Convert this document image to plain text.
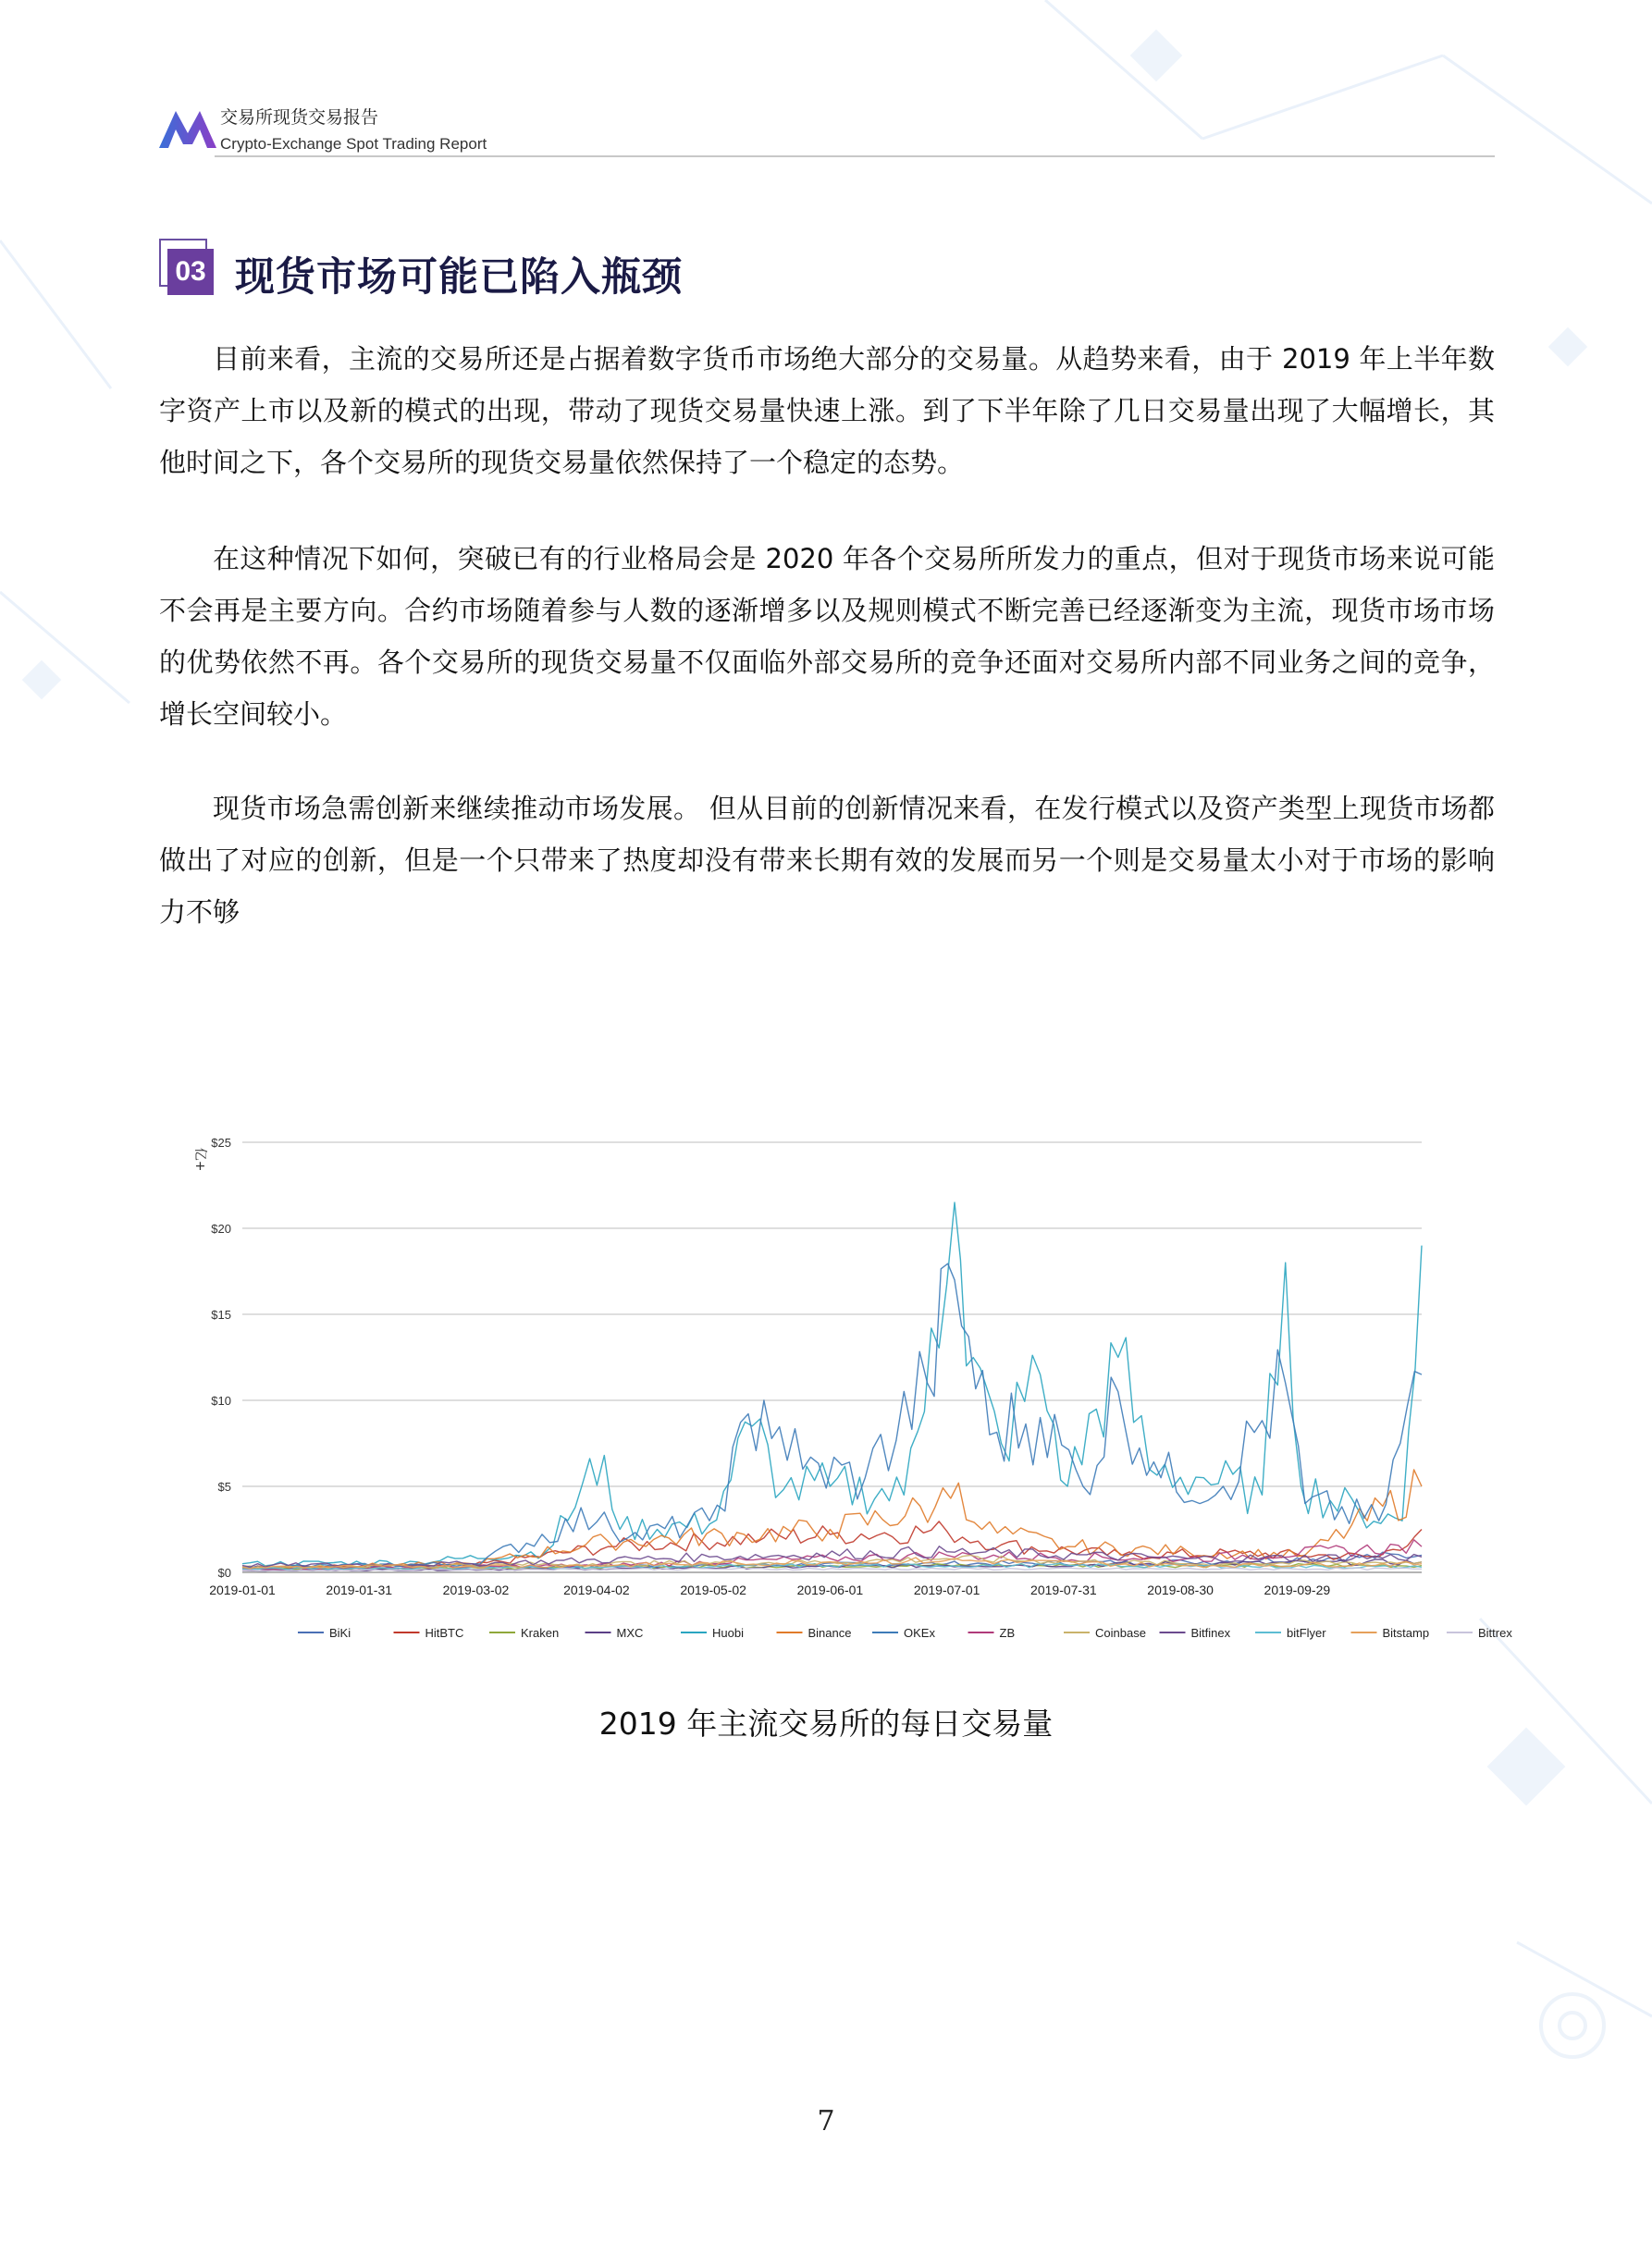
交易所现货交易报告
Crypto-Exchange Spot Trading Report
03 现货市场可能已陷入瓶颈
目前来看，主流的交易所还是占据着数字货币市场绝大部分的交易量。从趋势来看，由于 2019 年上半年数字资产上市以及新的模式的出现，带动了现货交易量快速上涨。到了下半年除了几日交易量出现了大幅增长，其他时间之下，各个交易所的现货交易量依然保持了一个稳定的态势。
在这种情况下如何，突破已有的行业格局会是 2020 年各个交易所所发力的重点，但对于现货市场来说可能不会再是主要方向。合约市场随着参与人数的逐渐增多以及规则模式不断完善已经逐渐变为主流，现货市场市场的优势依然不再。各个交易所的现货交易量不仅面临外部交易所的竞争还面对交易所内部不同业务之间的竞争，增长空间较小。
现货市场急需创新来继续推动市场发展。 但从目前的创新情况来看，在发行模式以及资产类型上现货市场都做出了对应的创新，但是一个只带来了热度却没有带来长期有效的发展而另一个则是交易量太小对于市场的影响力不够
$0
$5
$10
$15
$20
$25
亿+
2019-01-01	2019-01-31	2019-03-02	2019-04-02	2019-05-02	2019-06-01	2019-07-01	2019-07-31	2019-08-30	2019-09-29
BiKi	HitBTC	Kraken	MXC	Huobi	Binance	OKEx	ZB	Coinbase	Bitfinex	bitFlyer	Bitstamp	Bittrex
2019 年主流交易所的每日交易量
7
